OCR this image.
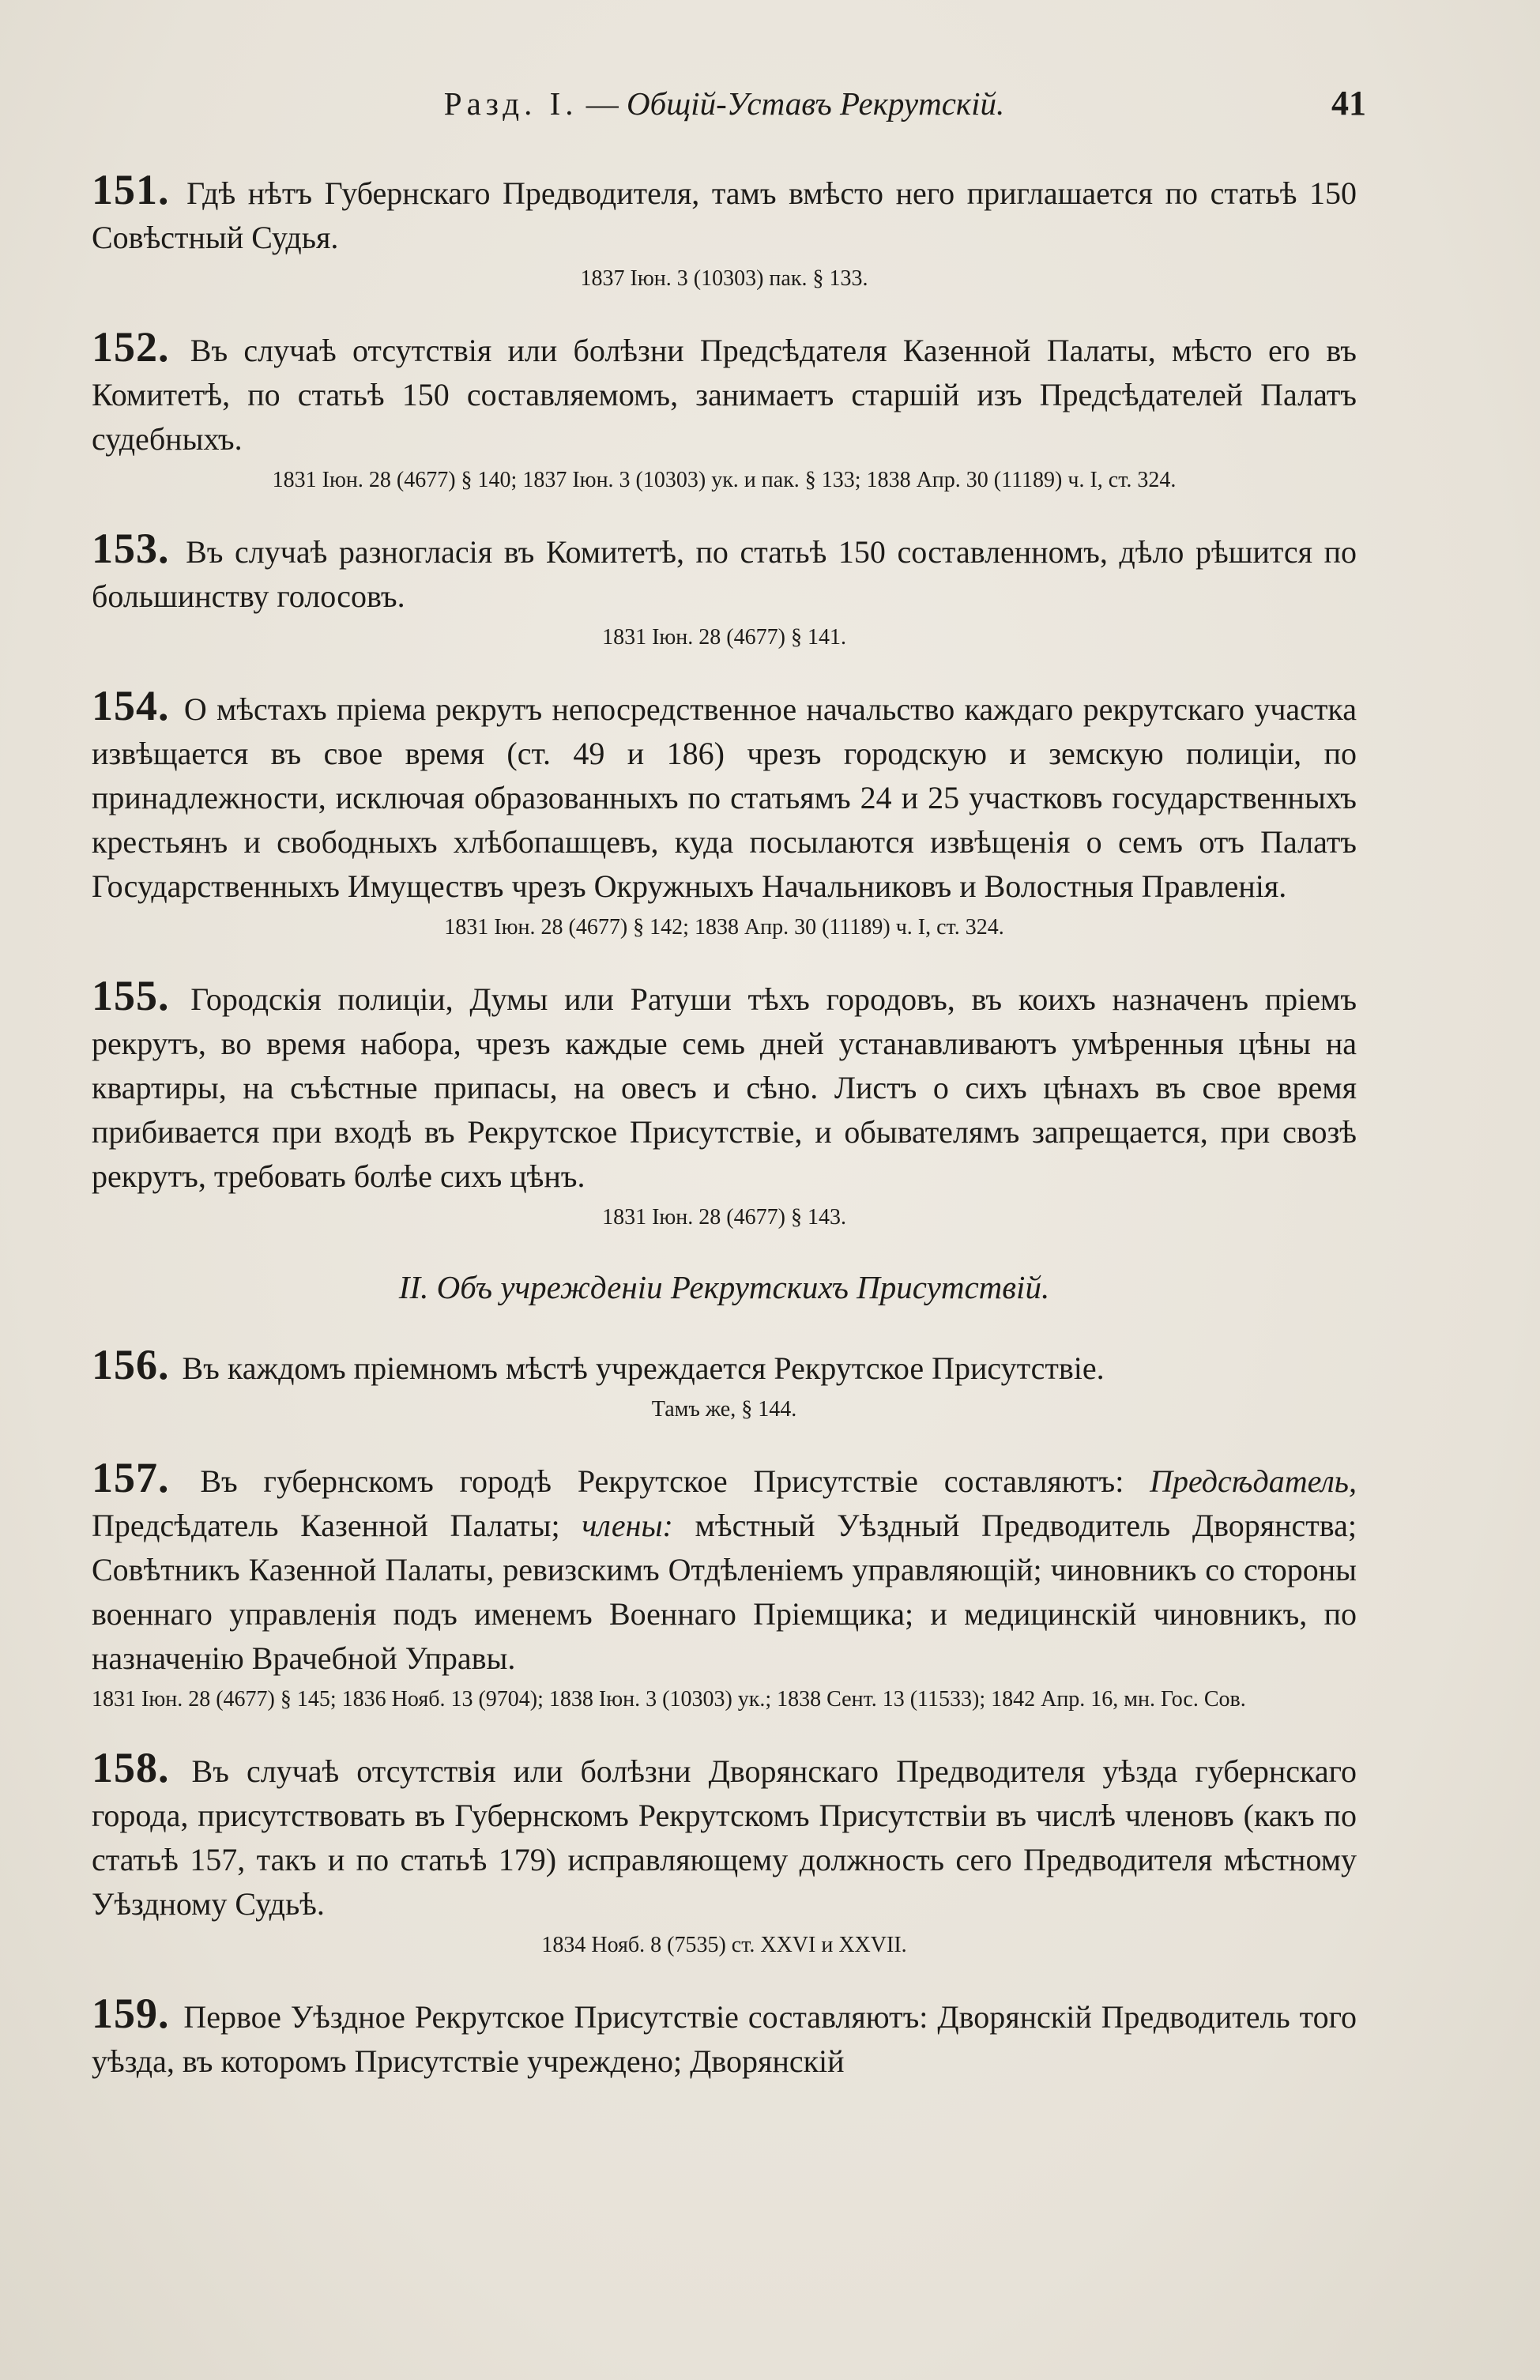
Разд. I. — Общiй-Уставъ Рекрутскiй.	41

151. Гдѣ нѣтъ Губернскаго Предводителя, тамъ вмѣсто него приглашается по статьѣ 150 Совѣстный Судья.

1837 Iюн. 3 (10303) пак. § 133.

152. Въ случаѣ отсутствiя или болѣзни Предсѣдателя Казенной Палаты, мѣсто его въ Комитетѣ, по статьѣ 150 составляемомъ, занимаетъ старшiй изъ Предсѣдателей Палатъ судебныхъ.

1831 Iюн. 28 (4677) § 140; 1837 Iюн. 3 (10303) ук. и пак. § 133; 1838 Апр. 30 (11189) ч. I, ст. 324.

153. Въ случаѣ разногласiя въ Комитетѣ, по статьѣ 150 составленномъ, дѣло рѣшится по большинству голосовъ.

1831 Iюн. 28 (4677) § 141.

154. О мѣстахъ прiема рекрутъ непосредственное начальство каждаго рекрутскаго участка извѣщается въ свое время (ст. 49 и 186) чрезъ городскую и земскую полицiи, по принадлежности, исключая образованныхъ по статьямъ 24 и 25 участковъ государственныхъ крестьянъ и свободныхъ хлѣбопашцевъ, куда посылаются извѣщенiя о семъ отъ Палатъ Государственныхъ Имуществъ чрезъ Окружныхъ Начальниковъ и Волостныя Правленiя.

1831 Iюн. 28 (4677) § 142; 1838 Апр. 30 (11189) ч. I, ст. 324.

155. Городскiя полицiи, Думы или Ратуши тѣхъ городовъ, въ коихъ назначенъ прiемъ рекрутъ, во время набора, чрезъ каждые семь дней устанавливаютъ умѣренныя цѣны на квартиры, на съѣстные припасы, на овесъ и сѣно. Листъ о сихъ цѣнахъ въ свое время прибивается при входѣ въ Рекрутское Присутствiе, и обывателямъ запрещается, при свозѣ рекрутъ, требовать болѣе сихъ цѣнъ.

1831 Iюн. 28 (4677) § 143.

II. Объ учрежденiи Рекрутскихъ Присутствiй.

156. Въ каждомъ прiемномъ мѣстѣ учреждается Рекрутское Присутствiе.

Тамъ же, § 144.

157. Въ губернскомъ городѣ Рекрутское Присутствiе составляютъ: Предсѣдатель, Предсѣдатель Казенной Палаты; члены: мѣстный Уѣздный Предводитель Дворянства; Совѣтникъ Казенной Палаты, ревизскимъ Отдѣленiемъ управляющiй; чиновникъ со стороны военнаго управленiя подъ именемъ Военнаго Прiемщика; и медицинскiй чиновникъ, по назначенiю Врачебной Управы.

1831 Iюн. 28 (4677) § 145; 1836 Нояб. 13 (9704); 1838 Iюн. 3 (10303) ук.; 1838 Сент. 13 (11533); 1842 Апр. 16, мн. Гос. Сов.

158. Въ случаѣ отсутствiя или болѣзни Дворянскаго Предводителя уѣзда губернскаго города, присутствовать въ Губернскомъ Рекрутскомъ Присутствiи въ числѣ членовъ (какъ по статьѣ 157, такъ и по статьѣ 179) исправляющему должность сего Предводителя мѣстному Уѣздному Судьѣ.

1834 Нояб. 8 (7535) ст. XXVI и XXVII.

159. Первое Уѣздное Рекрутское Присутствiе составляютъ: Дворянскiй Предводитель того уѣзда, въ которомъ Присутствiе учреждено; Дворянскiй
